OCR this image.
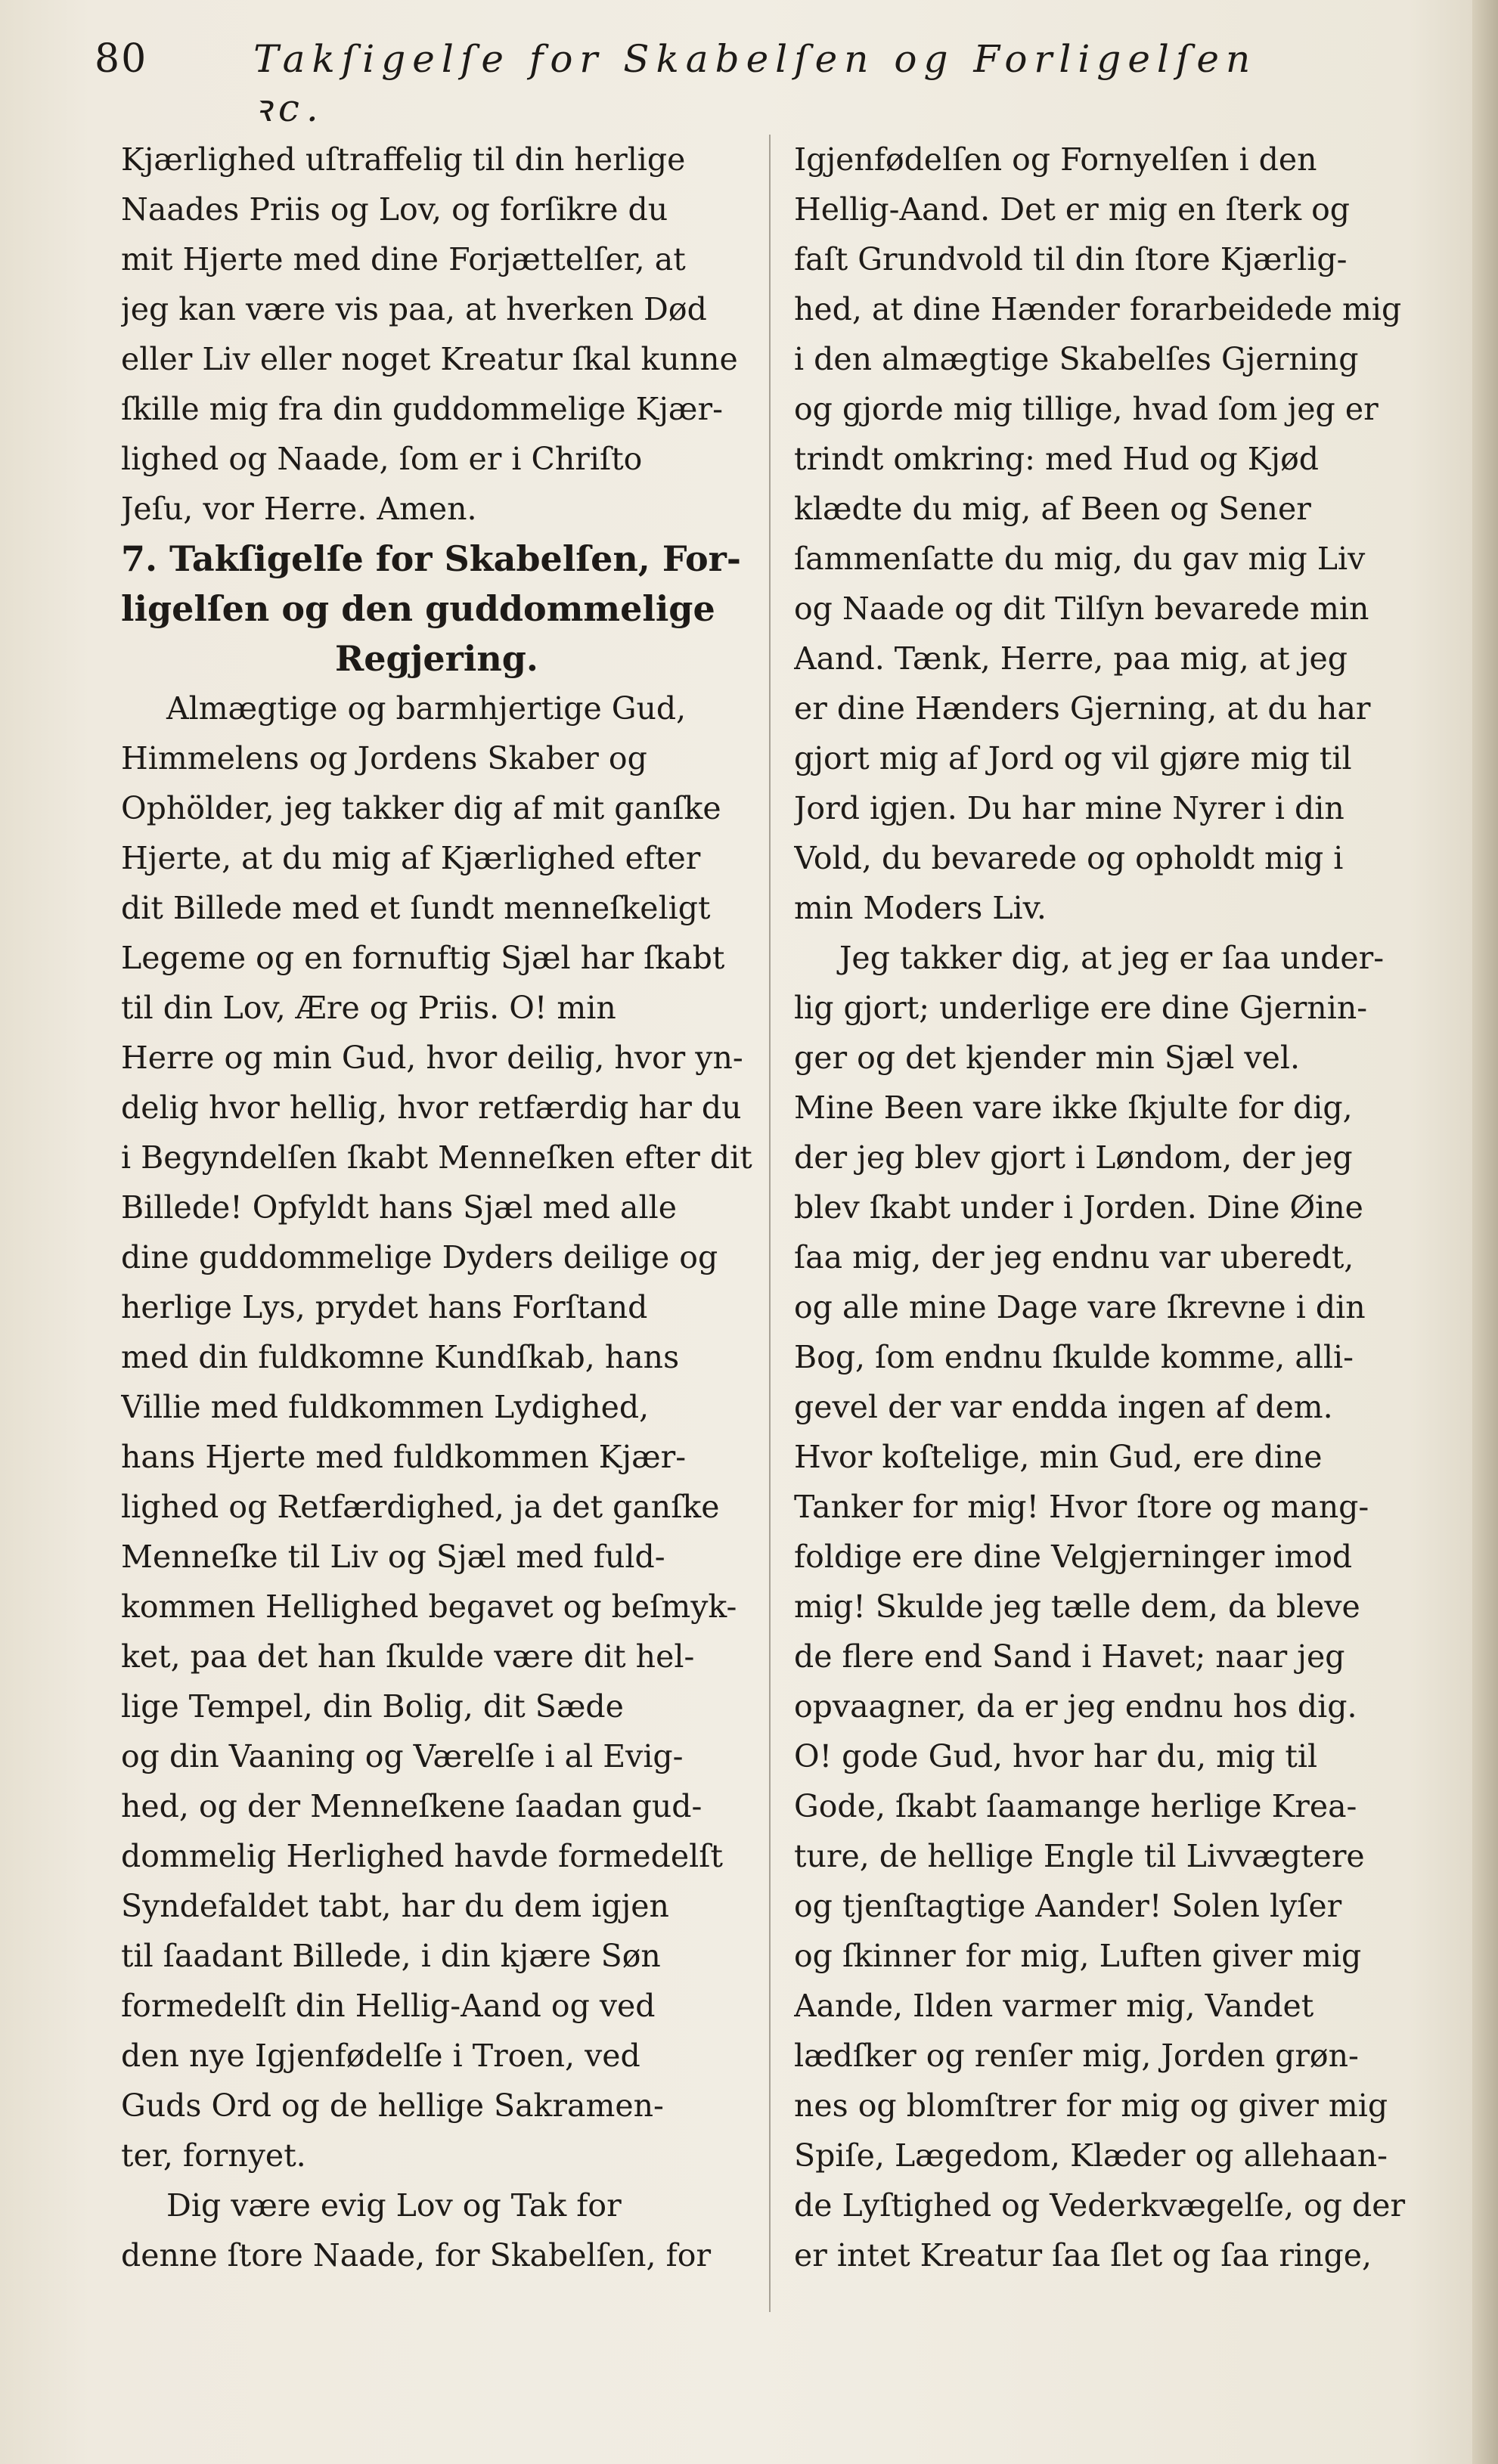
80	Takſigelſe for Skabelſen og Forligelſen ꝛc.
Kjærlighed uſtraffelig til din herlige
Naades Priis og Lov, og forſikre du
mit Hjerte med dine Forjættelſer, at
jeg kan være vis paa, at hverken Død
eller Liv eller noget Kreatur ſkal kunne
ſkille mig fra din guddommelige Kjær-
lighed og Naade, ſom er i Chriſto
Jeſu, vor Herre. Amen.
7. Takſigelſe for Skabelſen, For-
ligelſen og den guddommelige
Regjering.
Almægtige og barmhjertige Gud,
Himmelens og Jordens Skaber og
Ophölder, jeg takker dig af mit ganſke
Hjerte, at du mig af Kjærlighed efter
dit Billede med et ſundt menneſkeligt
Legeme og en fornuftig Sjæl har ſkabt
til din Lov, Ære og Priis. O! min
Herre og min Gud, hvor deilig, hvor yn-
delig hvor hellig, hvor retfærdig har du
i Begyndelſen ſkabt Menneſken efter dit
Billede! Opfyldt hans Sjæl med alle
dine guddommelige Dyders deilige og
herlige Lys, prydet hans Forſtand
med din fuldkomne Kundſkab, hans
Villie med fuldkommen Lydighed,
hans Hjerte med fuldkommen Kjær-
lighed og Retfærdighed, ja det ganſke
Menneſke til Liv og Sjæl med fuld-
kommen Hellighed begavet og beſmyk-
ket, paa det han ſkulde være dit hel-
lige Tempel, din Bolig, dit Sæde
og din Vaaning og Værelſe i al Evig-
hed, og der Menneſkene ſaadan gud-
dommelig Herlighed havde formedelſt
Syndefaldet tabt, har du dem igjen
til ſaadant Billede, i din kjære Søn
formedelſt din Hellig-Aand og ved
den nye Igjenfødelſe i Troen, ved
Guds Ord og de hellige Sakramen-
ter, fornyet.
Dig være evig Lov og Tak for
denne ſtore Naade, for Skabelſen, for
Igjenfødelſen og Fornyelſen i den
Hellig-Aand. Det er mig en ſterk og
faſt Grundvold til din ſtore Kjærlig-
hed, at dine Hænder forarbeidede mig
i den almægtige Skabelſes Gjerning
og gjorde mig tillige, hvad ſom jeg er
trindt omkring: med Hud og Kjød
klædte du mig, af Been og Sener
ſammenſatte du mig, du gav mig Liv
og Naade og dit Tilſyn bevarede min
Aand. Tænk, Herre, paa mig, at jeg
er dine Hænders Gjerning, at du har
gjort mig af Jord og vil gjøre mig til
Jord igjen. Du har mine Nyrer i din
Vold, du bevarede og opholdt mig i
min Moders Liv.
Jeg takker dig, at jeg er ſaa under-
lig gjort; underlige ere dine Gjernin-
ger og det kjender min Sjæl vel.
Mine Been vare ikke ſkjulte for dig,
der jeg blev gjort i Løndom, der jeg
blev ſkabt under i Jorden. Dine Øine
ſaa mig, der jeg endnu var uberedt,
og alle mine Dage vare ſkrevne i din
Bog, ſom endnu ſkulde komme, alli-
gevel der var endda ingen af dem.
Hvor koſtelige, min Gud, ere dine
Tanker for mig! Hvor ſtore og mang-
foldige ere dine Velgjerninger imod
mig! Skulde jeg tælle dem, da bleve
de flere end Sand i Havet; naar jeg
opvaagner, da er jeg endnu hos dig.
O! gode Gud, hvor har du, mig til
Gode, ſkabt ſaamange herlige Krea-
ture, de hellige Engle til Livvægtere
og tjenſtagtige Aander! Solen lyſer
og ſkinner for mig, Luften giver mig
Aande, Ilden varmer mig, Vandet
lædſker og renſer mig, Jorden grøn-
nes og blomſtrer for mig og giver mig
Spiſe, Lægedom, Klæder og allehaan-
de Lyſtighed og Vederkvægelſe, og der
er intet Kreatur ſaa ſlet og ſaa ringe,
